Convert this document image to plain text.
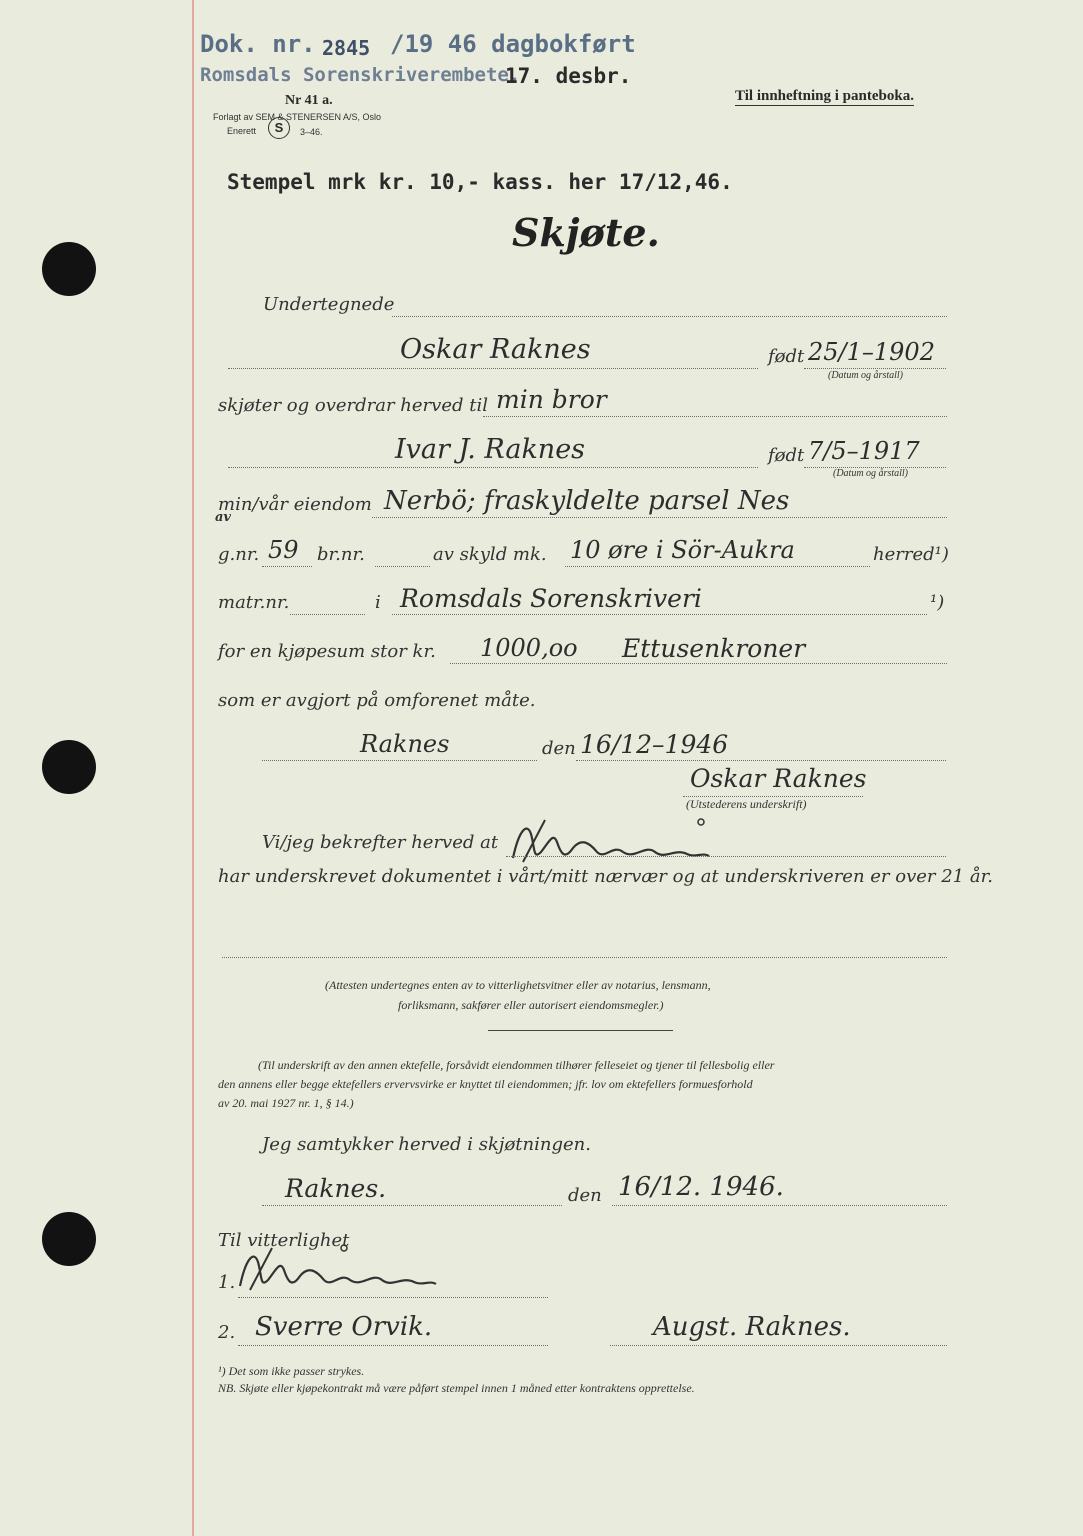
Dok. nr. 2845 /19 46 dagbokført
Romsdals Sorenskriverembete.
17. desbr.
Nr 41 a.
Forlagt av SEM & STENERSEN A/S, Oslo
Enerett	S	3–46.
Til innheftning i panteboka.
Stempel mrk kr. 10,- kass. her 17/12,46.
Skjøte.
Undertegnede
Oskar Raknes	født 25/1–1902
(Datum og årstall)
skjøter og overdrar herved til min bror
Ivar J. Raknes	født 7/5–1917
(Datum og årstall)
min/vår eiendom
av
Nerbö; fraskyldelte parsel Nes
g.nr. 59 br.nr.	av skyld mk. 10 øre i Sör-Aukra	herred¹)
matr.nr.	i Romsdals Sorenskriveri	¹)
for en kjøpesum stor kr. 1000,oo Ettusenkroner
som er avgjort på omforenet måte.
Raknes	den 16/12–1946
Oskar Raknes
(Utstederens underskrift)
Vi/jeg bekrefter herved at
har underskrevet dokumentet i vårt/mitt nærvær og at underskriveren er over 21 år.
(Attesten undertegnes enten av to vitterlighetsvitner eller av notarius, lensmann,
forliksmann, sakfører eller autorisert eiendomsmegler.)
(Til underskrift av den annen ektefelle, forsåvidt eiendommen tilhører felleseiet og tjener til fellesbolig eller
den annens eller begge ektefellers ervervsvirke er knyttet til eiendommen; jfr. lov om ektefellers formuesforhold
av 20. mai 1927 nr. 1, § 14.)
Jeg samtykker herved i skjøtningen.
Raknes.	den 16/12. 1946.
Til vitterlighet
1.
2. Sverre Orvik.	Augst. Raknes.
¹) Det som ikke passer strykes.
NB. Skjøte eller kjøpekontrakt må være påført stempel innen 1 måned etter kontraktens opprettelse.
